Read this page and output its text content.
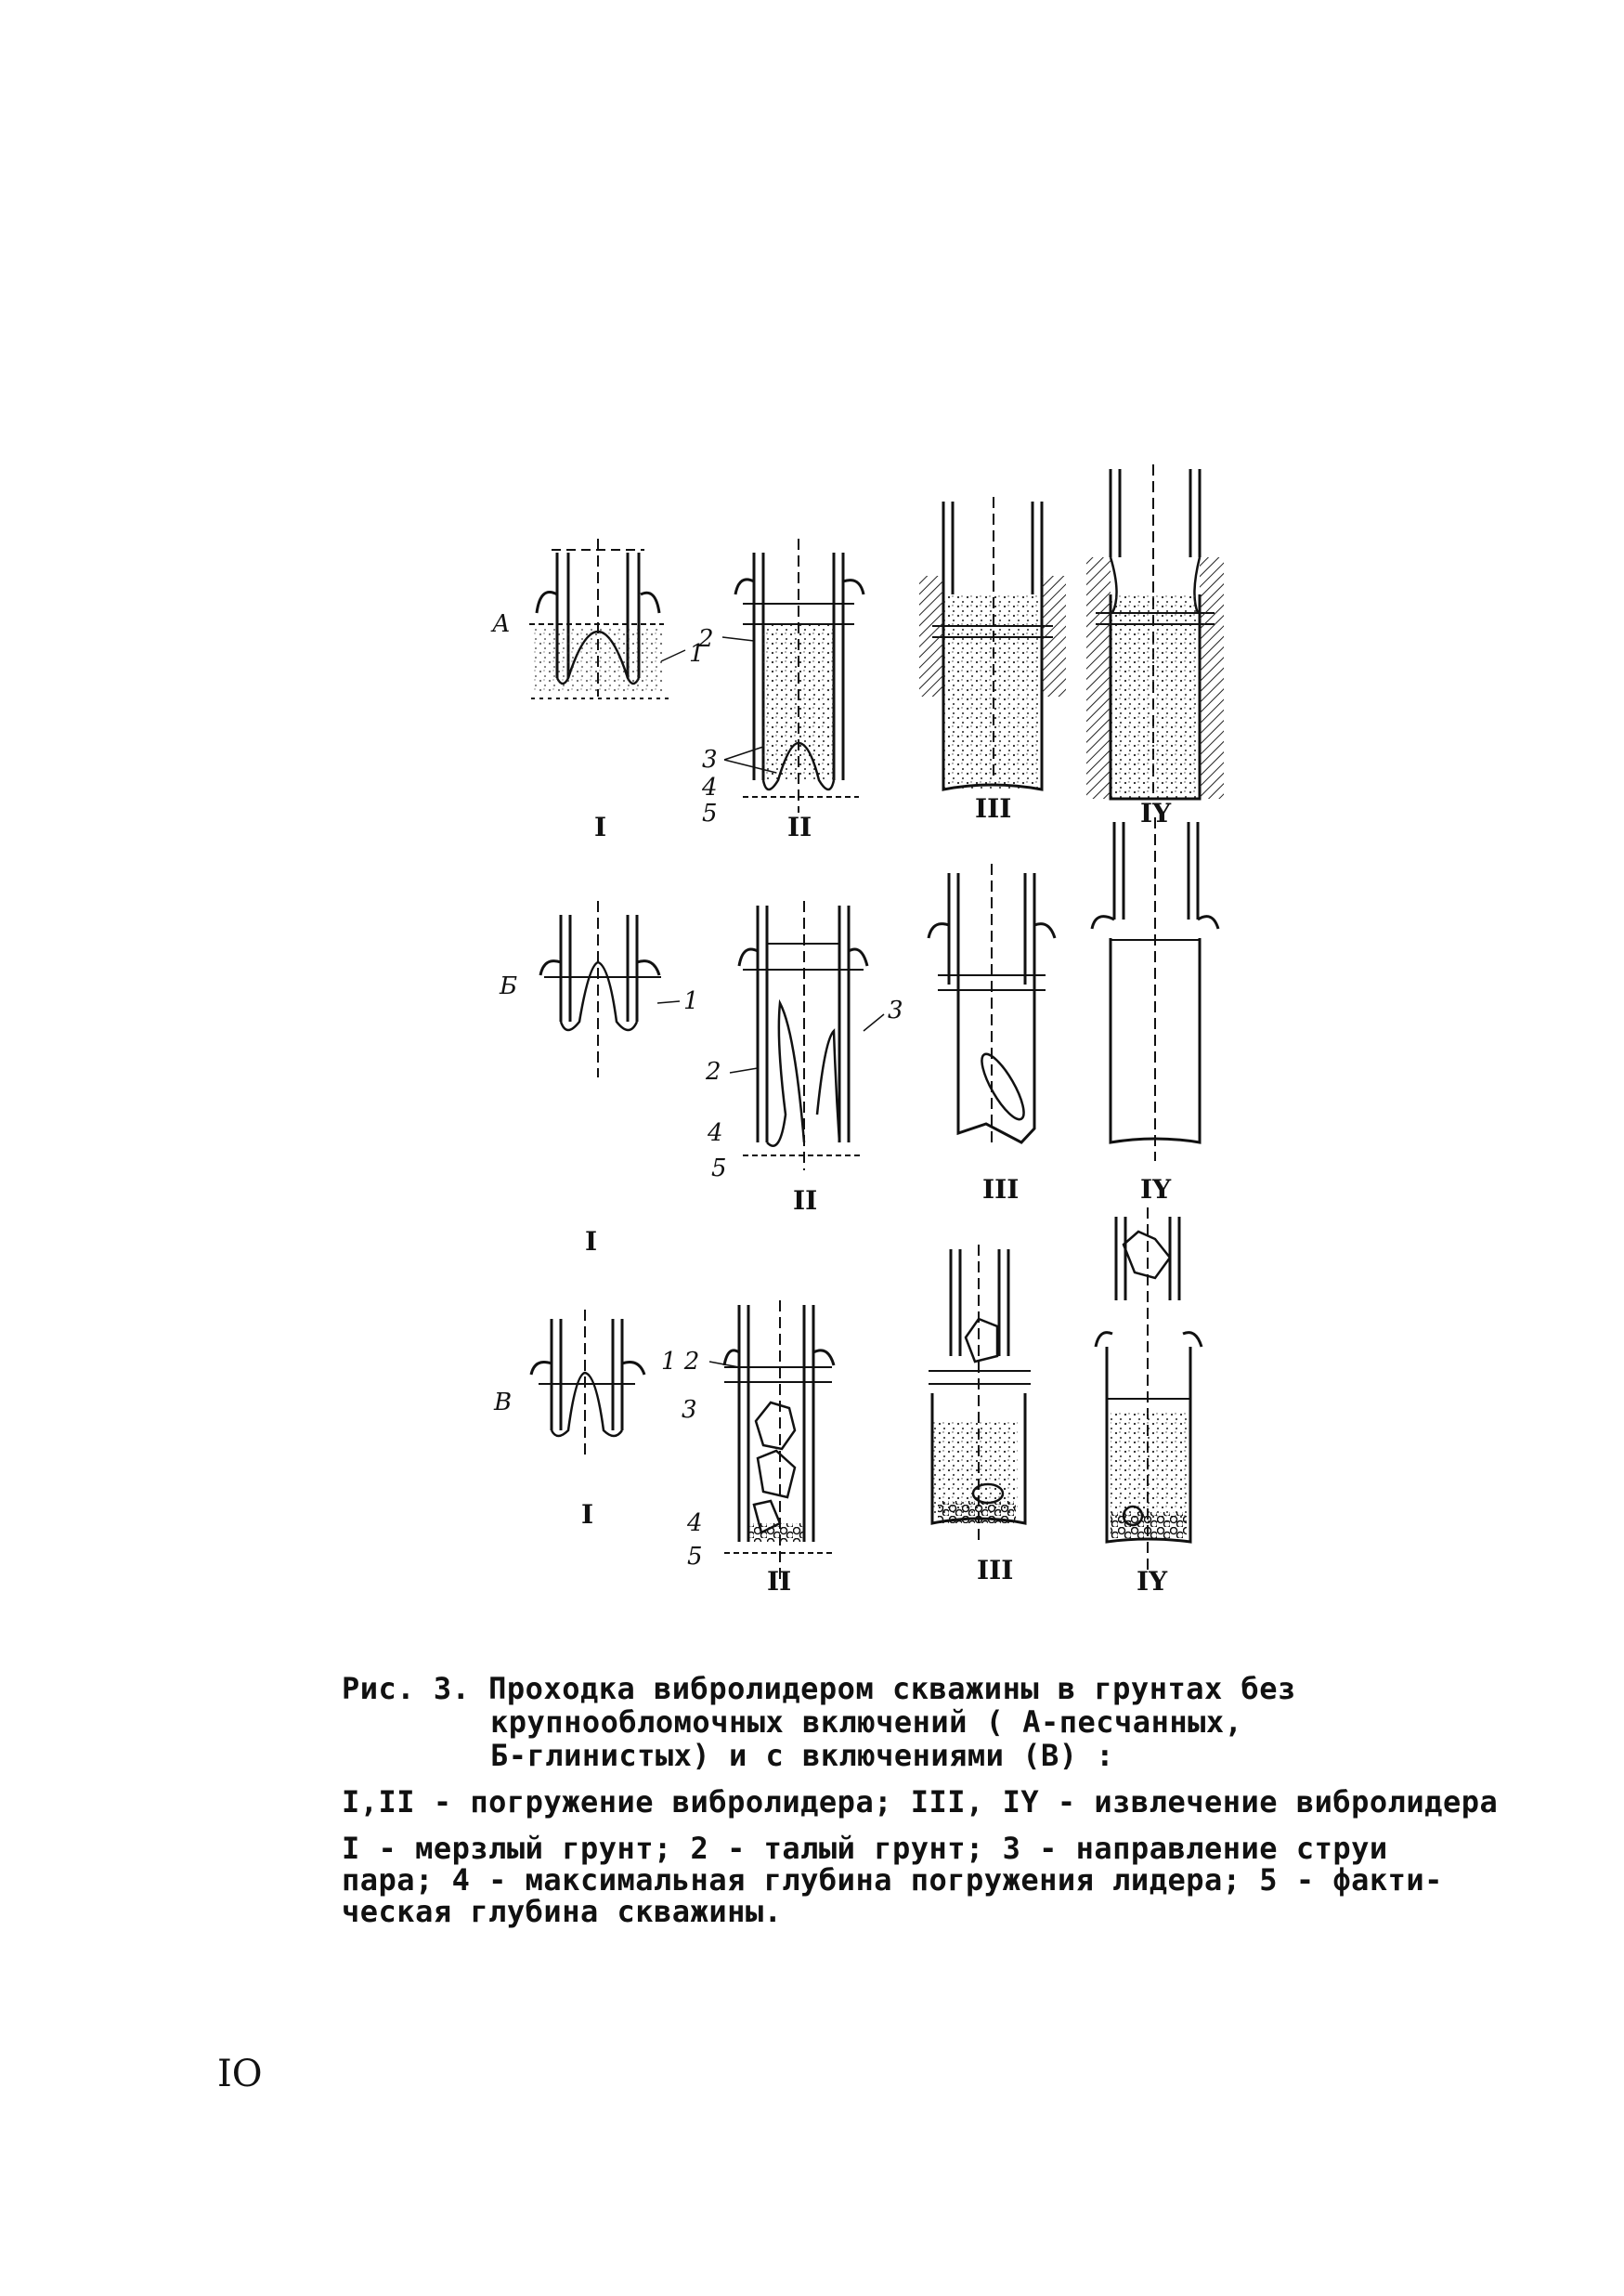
А
1
I
2
3
4
5	II
III	IY
Б
1	3
2
4
5
II	III	IY
I
В
I
1 2
3
4
5
II	III	IY
Рис. 3. Проходка вибролидером скважины в грунтах без
крупнообломочных включений ( А-песчанных,
Б-глинистых) и с включениями (В) :
I,II - погружение вибролидера; III, IY - извлечение вибролидера
I - мерзлый грунт; 2 - талый грунт; 3 - направление струи
пара; 4 - максимальная глубина погружения лидера; 5 - факти-
ческая глубина скважины.
IO
